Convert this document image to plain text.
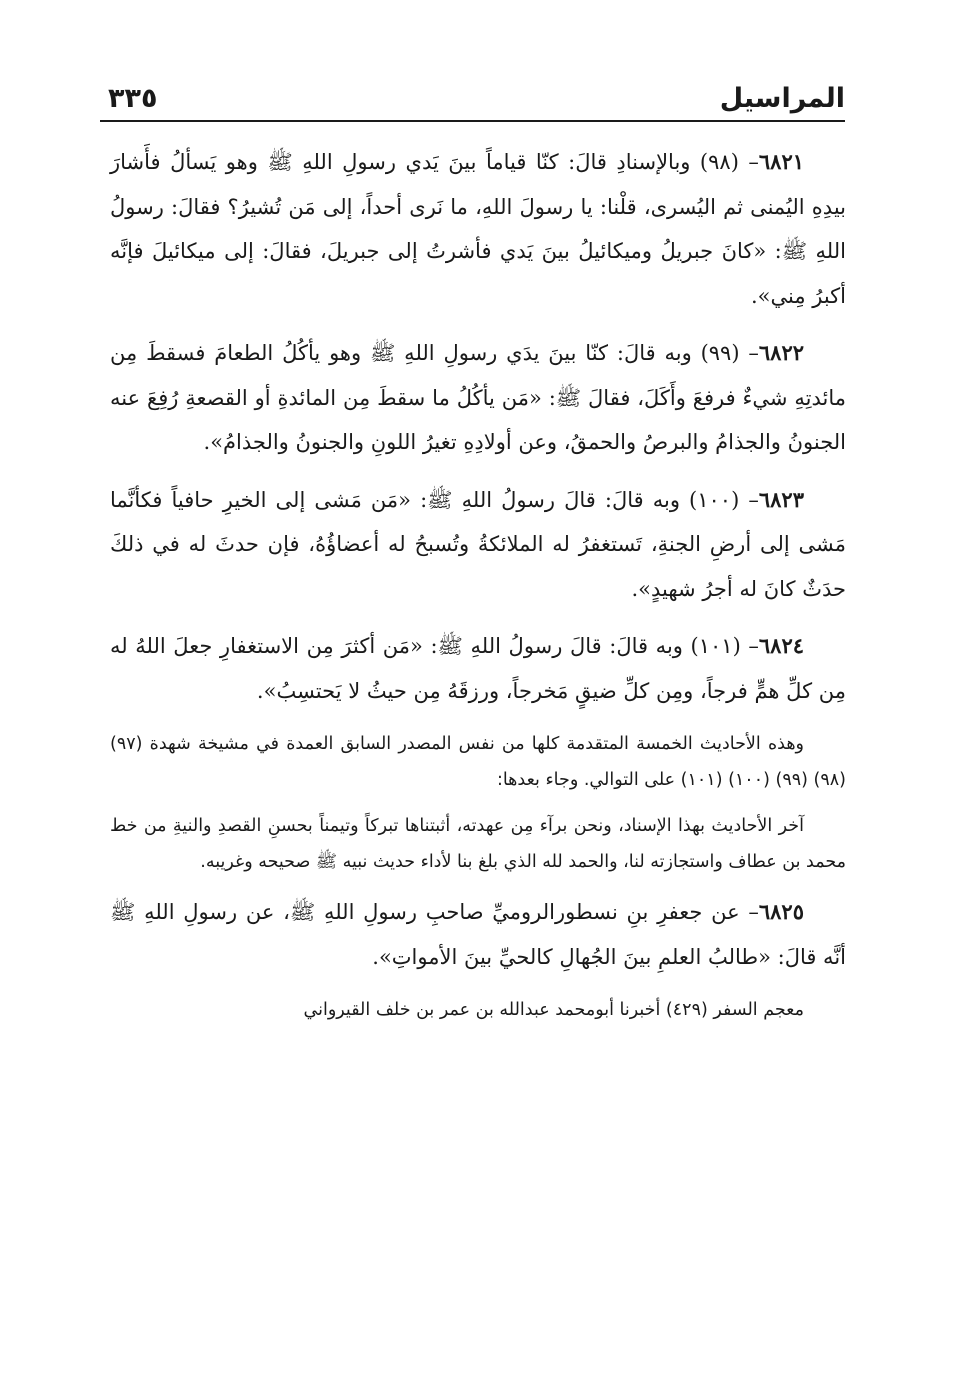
المراسيل
٣٣٥

٦٨٢١– (٩٨) وبالإسنادِ قالَ: كنّا قياماً بينَ يَدي رسولِ اللهِ ﷺ وهو يَسألُ فأَشارَ بيدِهِ اليُمنى ثم اليُسرى، قلْنا: يا رسولَ اللهِ، ما نَرى أحداً، إلى مَن تُشيرُ؟ فقالَ: رسولُ اللهِ ﷺ: «كانَ جبريلُ وميكائيلُ بينَ يَدي فأشرتُ إلى جبريلَ، فقالَ: إلى ميكائيلَ فإنَّه أكبرُ مِني».

٦٨٢٢– (٩٩) وبه قالَ: كنّا بينَ يدَي رسولِ اللهِ ﷺ وهو يأكُلُ الطعامَ فسقطَ مِن مائدتِهِ شيءٌ فرفعَ وأَكَلَ، فقالَ ﷺ: «مَن يأكُلُ ما سقطَ مِن المائدةِ أو القصعةِ رُفِعَ عنه الجنونُ والجذامُ والبرصُ والحمقُ، وعن أولادِهِ تغيرُ اللونِ والجنونُ والجذامُ».

٦٨٢٣– (١٠٠) وبه قالَ: قالَ رسولُ اللهِ ﷺ: «مَن مَشى إلى الخيرِ حافياً فكأنَّما مَشى إلى أرضِ الجنةِ، تَستغفرُ له الملائكةُ وتُسبحُ له أعضاؤُهُ، فإن حدثَ له في ذلكَ حدَثٌ كانَ له أجرُ شهيدٍ».

٦٨٢٤– (١٠١) وبه قالَ: قالَ رسولُ اللهِ ﷺ: «مَن أكثرَ مِن الاستغفارِ جعلَ اللهُ له مِن كلِّ همٍّ فرجاً، ومِن كلِّ ضيقٍ مَخرجاً، ورزقَهُ مِن حيثُ لا يَحتسِبُ».

وهذه الأحاديث الخمسة المتقدمة كلها من نفس المصدر السابق العمدة في مشيخة شهدة (٩٧) (٩٨) (٩٩) (١٠٠) (١٠١) على التوالي. وجاء بعدها:

آخر الأحاديث بهذا الإسناد، ونحن برآء مِن عهدته، أثبتناها تبركاً وتيمناً بحسنِ القصدِ والنيةِ من خط محمد بن عطاف واستجازته لنا، والحمد لله الذي بلغ بنا لأداء حديث نبيه ﷺ صحيحه وغريبه.

٦٨٢٥– عن جعفرِ بنِ نسطورالروميِّ صاحبِ رسولِ اللهِ ﷺ، عن رسولِ اللهِ ﷺ أنَّه قالَ: «طالبُ العلمِ بينَ الجُهالِ كالحيِّ بينَ الأمواتِ».

معجم السفر (٤٢٩) أخبرنا أبومحمد عبدالله بن عمر بن خلف القيرواني
